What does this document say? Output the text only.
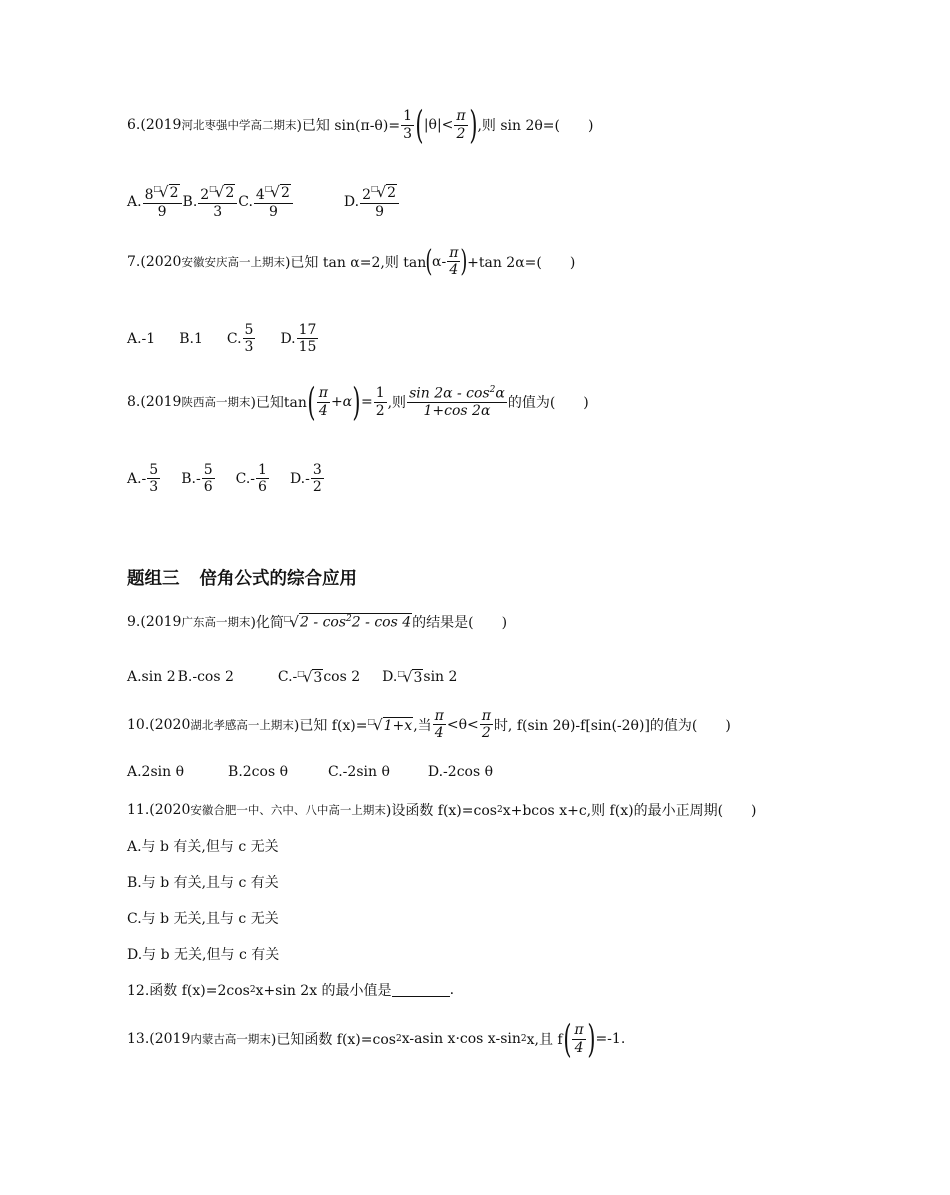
6.(2019 河北枣强中学高二期末 )已知 $\sin(\pi-\theta)= \frac{1}{3}$ ( $|\theta|< \frac{\pi}{2}$ ) ,则 sin 2θ=(　　)
A. 8 □
√ 2
9 B. 2 □
√ 2
3 C. 4 □
√ 2
9	D. 2 □
√ 2
9
7.(2020 安徽安庆高一上期末 )已知 tan α=2,则 tan ( $\alpha- \frac{\pi}{4}$ ) +tan 2α=(　　)
A.-1 B.1 C. $\frac{5}{3} D$. $\frac{17}{15}$
8.(2019 陕西高一期末 )已知tan ( $\frac{\pi}{4} +\alpha$ ) = $\frac{1}{2}$ ,则 $\frac{\sin 2\alpha - \cos^2\alpha}{1+\cos 2\alpha}$ 的值为(　　)
$A.- \frac{5}{3} B.- \frac{5}{6} C.- \frac{1}{6} D.- \frac{3}{2}$
题组三 倍角公式的综合应用
9.(2019 广东高一期末 )化简 □
√ $2 - \cos^22$ - cos 4 的结果是(　　)
A.sin 2 B.-cos 2	C.- □
√ 3 cos 2 D. □
√ 3 sin 2
10.(2020 湖北孝感高一上期末 )已知 f(x)= □
√ 1+x ,当 $\frac{\pi}{4} <\theta< \frac{\pi}{2}$ 时, f(sin 2θ)-f[sin(-2θ)]的值为(　　)
A.2sin θ	B.2cos θ	C.-2sin θ	D.-2cos θ
11.(2020 安徽合肥一中、六中、八中高一上期末 )设函数 f(x)=cos 2 x+bcos x+c,则 f(x)的最小正周期(　　)
A.与 b 有关,但与 c 无关
B.与 b 有关,且与 c 有关
C.与 b 无关,且与 c 无关
D.与 b 无关,但与 c 有关
12.函数 f(x)=2cos 2 x+sin 2x 的最小值是	.
13.(2019 内蒙古高一期末 )已知函数 f(x)=cos 2 x-asin x·cos x-sin 2 x,且 f ( $\frac{\pi}{4}$ ) =-1.
